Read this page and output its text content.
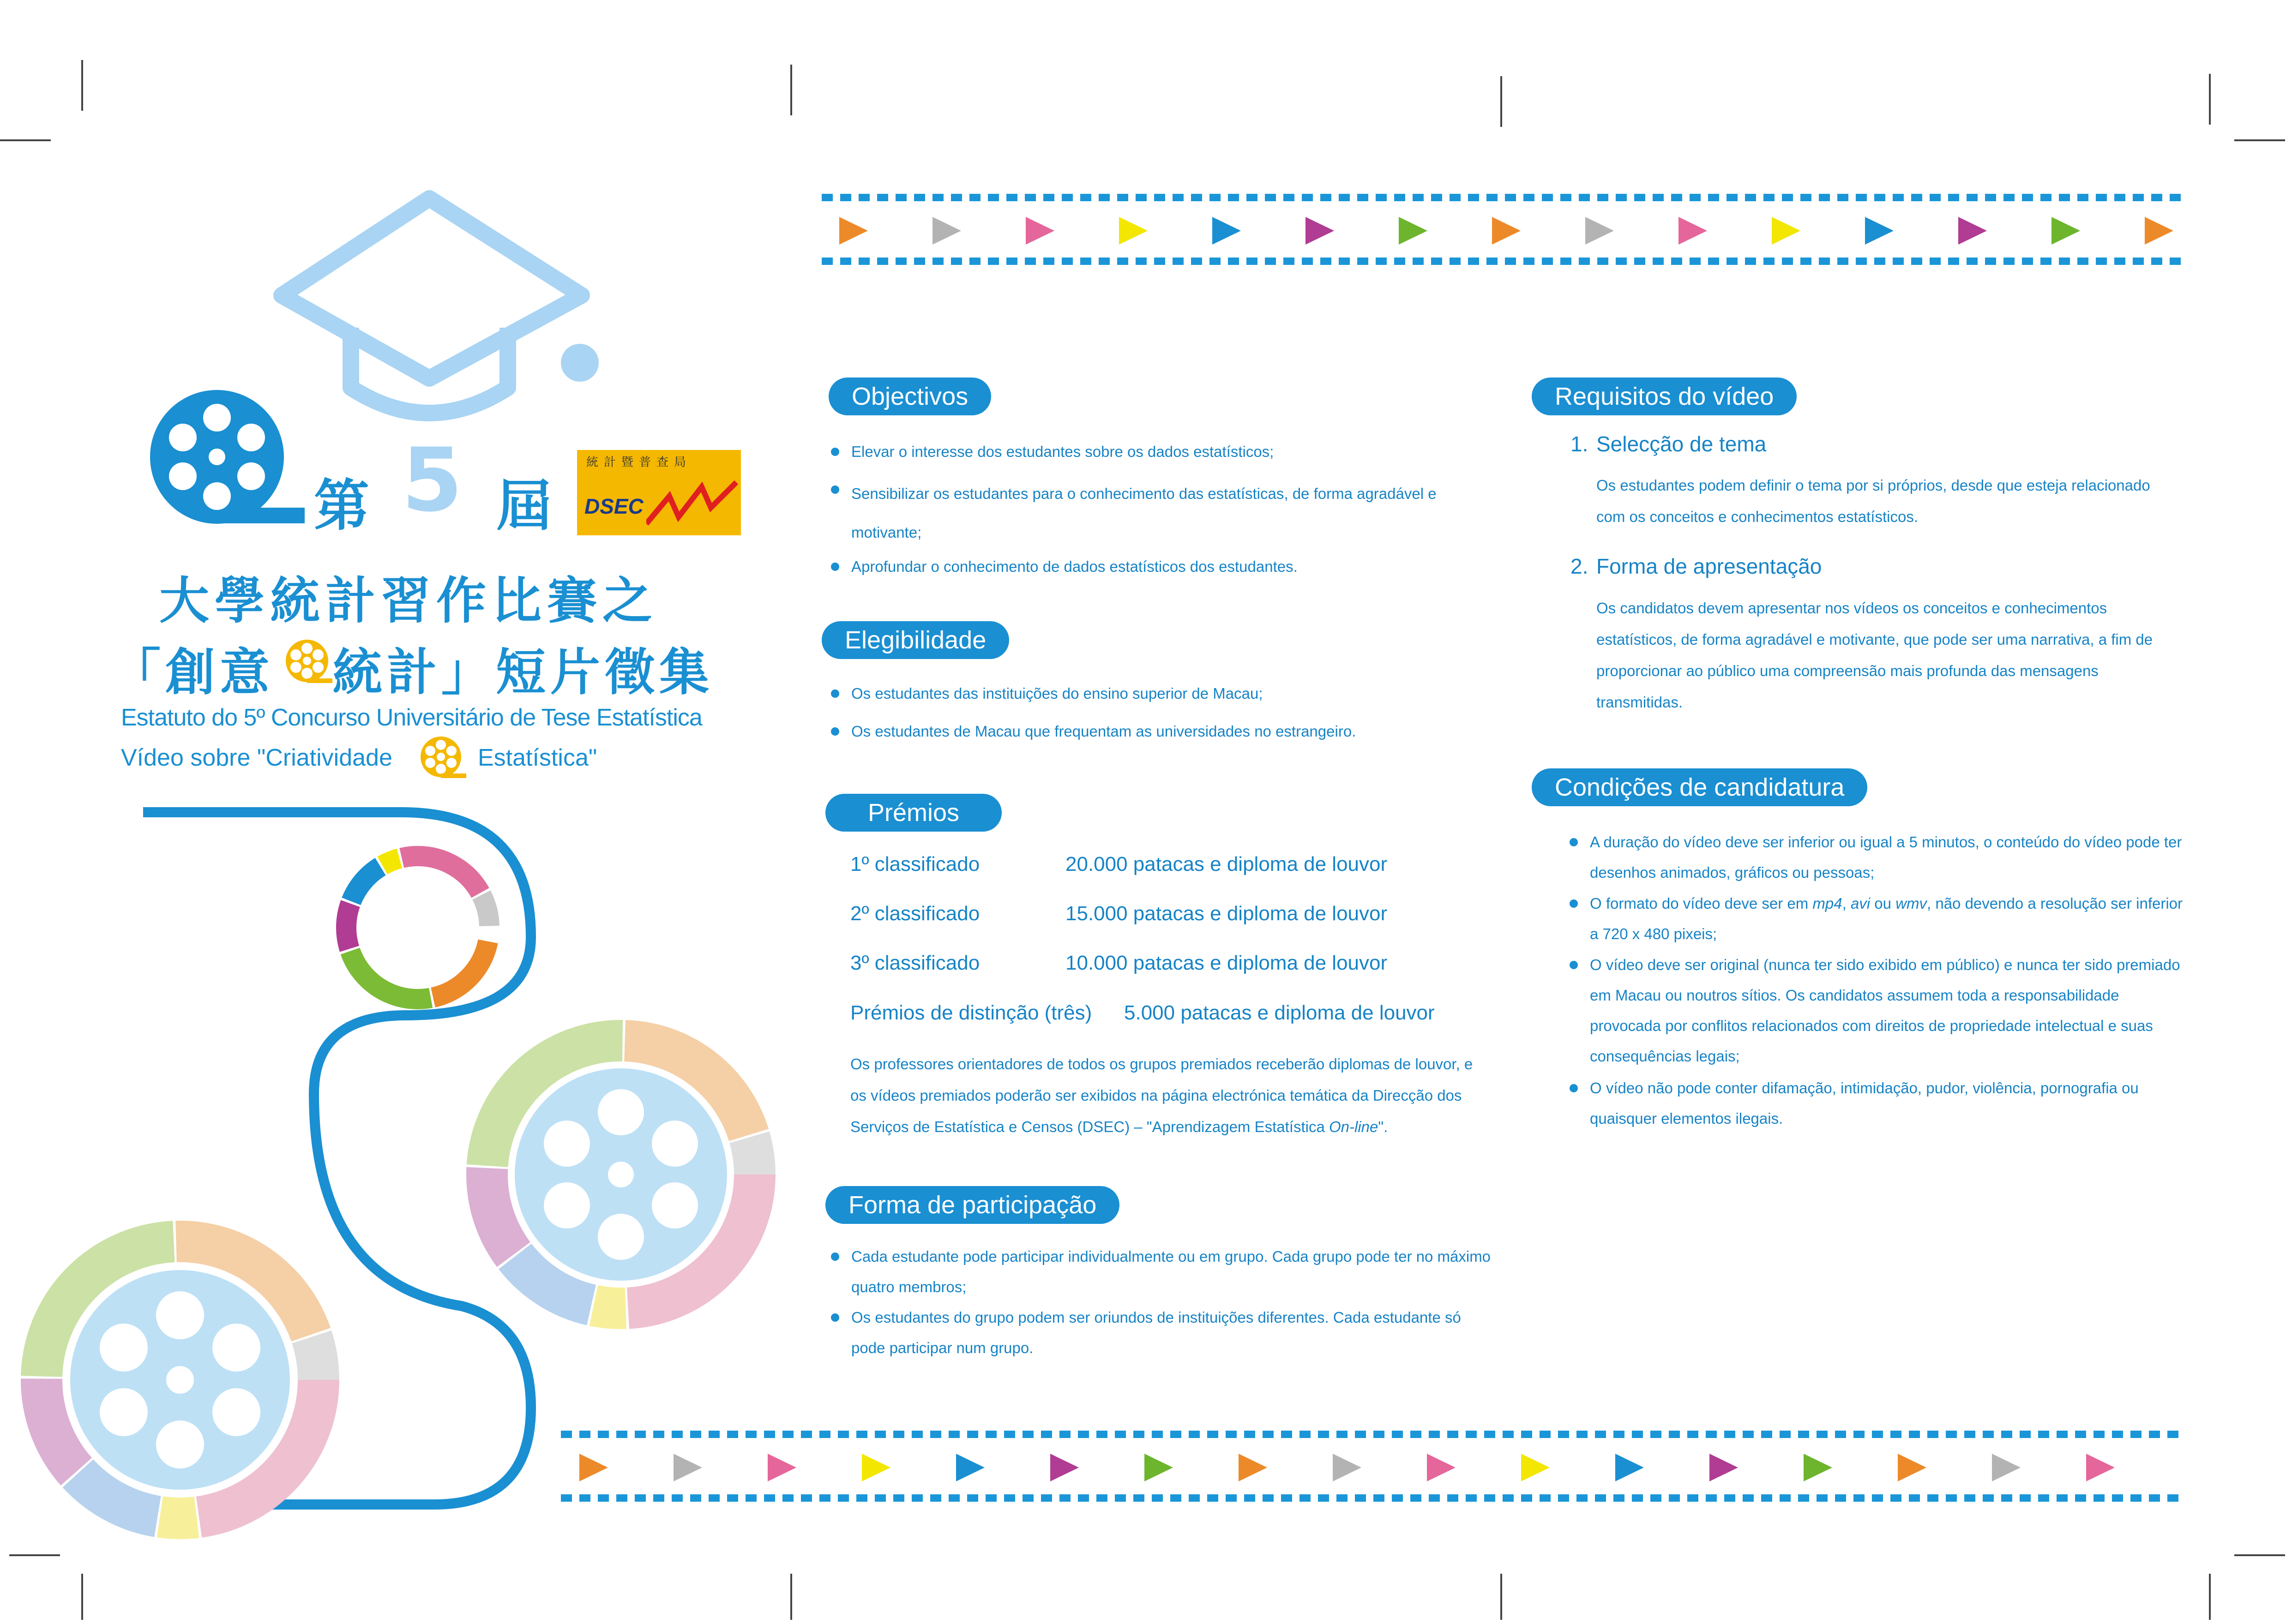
第 5 屆
統計暨普查局
DSEC
大學統計習作比賽之
「創意 統計」短片徵集
Estatuto do 5º Concurso Universitário de Tese Estatística
Vídeo sobre "Criatividade	Estatística"
Objectivos
Elevar o interesse dos estudantes sobre os dados estatísticos;
Sensibilizar os estudantes para o conhecimento das estatísticas, de forma agradável e motivante;
Aprofundar o conhecimento de dados estatísticos dos estudantes.
Elegibilidade
Os estudantes das instituições do ensino superior de Macau;
Os estudantes de Macau que frequentam as universidades no estrangeiro.
Prémios
1º classificado	20.000 patacas e diploma de louvor
2º classificado	15.000 patacas e diploma de louvor
3º classificado	10.000 patacas e diploma de louvor
Prémios de distinção (três) 5.000 patacas e diploma de louvor
Os professores orientadores de todos os grupos premiados receberão diplomas de louvor, e os vídeos premiados poderão ser exibidos na página electrónica temática da Direcção dos Serviços de Estatística e Censos (DSEC) – "Aprendizagem Estatística On-line".
Forma de participação
Cada estudante pode participar individualmente ou em grupo. Cada grupo pode ter no máximo quatro membros;
Os estudantes do grupo podem ser oriundos de instituições diferentes. Cada estudante só pode participar num grupo.
Requisitos do vídeo
1. Selecção de tema
Os estudantes podem definir o tema por si próprios, desde que esteja relacionado com os conceitos e conhecimentos estatísticos.
2. Forma de apresentação
Os candidatos devem apresentar nos vídeos os conceitos e conhecimentos estatísticos, de forma agradável e motivante, que pode ser uma narrativa, a fim de proporcionar ao público uma compreensão mais profunda das mensagens transmitidas.
Condições de candidatura
A duração do vídeo deve ser inferior ou igual a 5 minutos, o conteúdo do vídeo pode ter desenhos animados, gráficos ou pessoas;
O formato do vídeo deve ser em mp4, avi ou wmv, não devendo a resolução ser inferior a 720 x 480 pixeis;
O vídeo deve ser original (nunca ter sido exibido em público) e nunca ter sido premiado em Macau ou noutros sítios. Os candidatos assumem toda a responsabilidade provocada por conflitos relacionados com direitos de propriedade intelectual e suas consequências legais;
O vídeo não pode conter difamação, intimidação, pudor, violência, pornografia ou quaisquer elementos ilegais.
